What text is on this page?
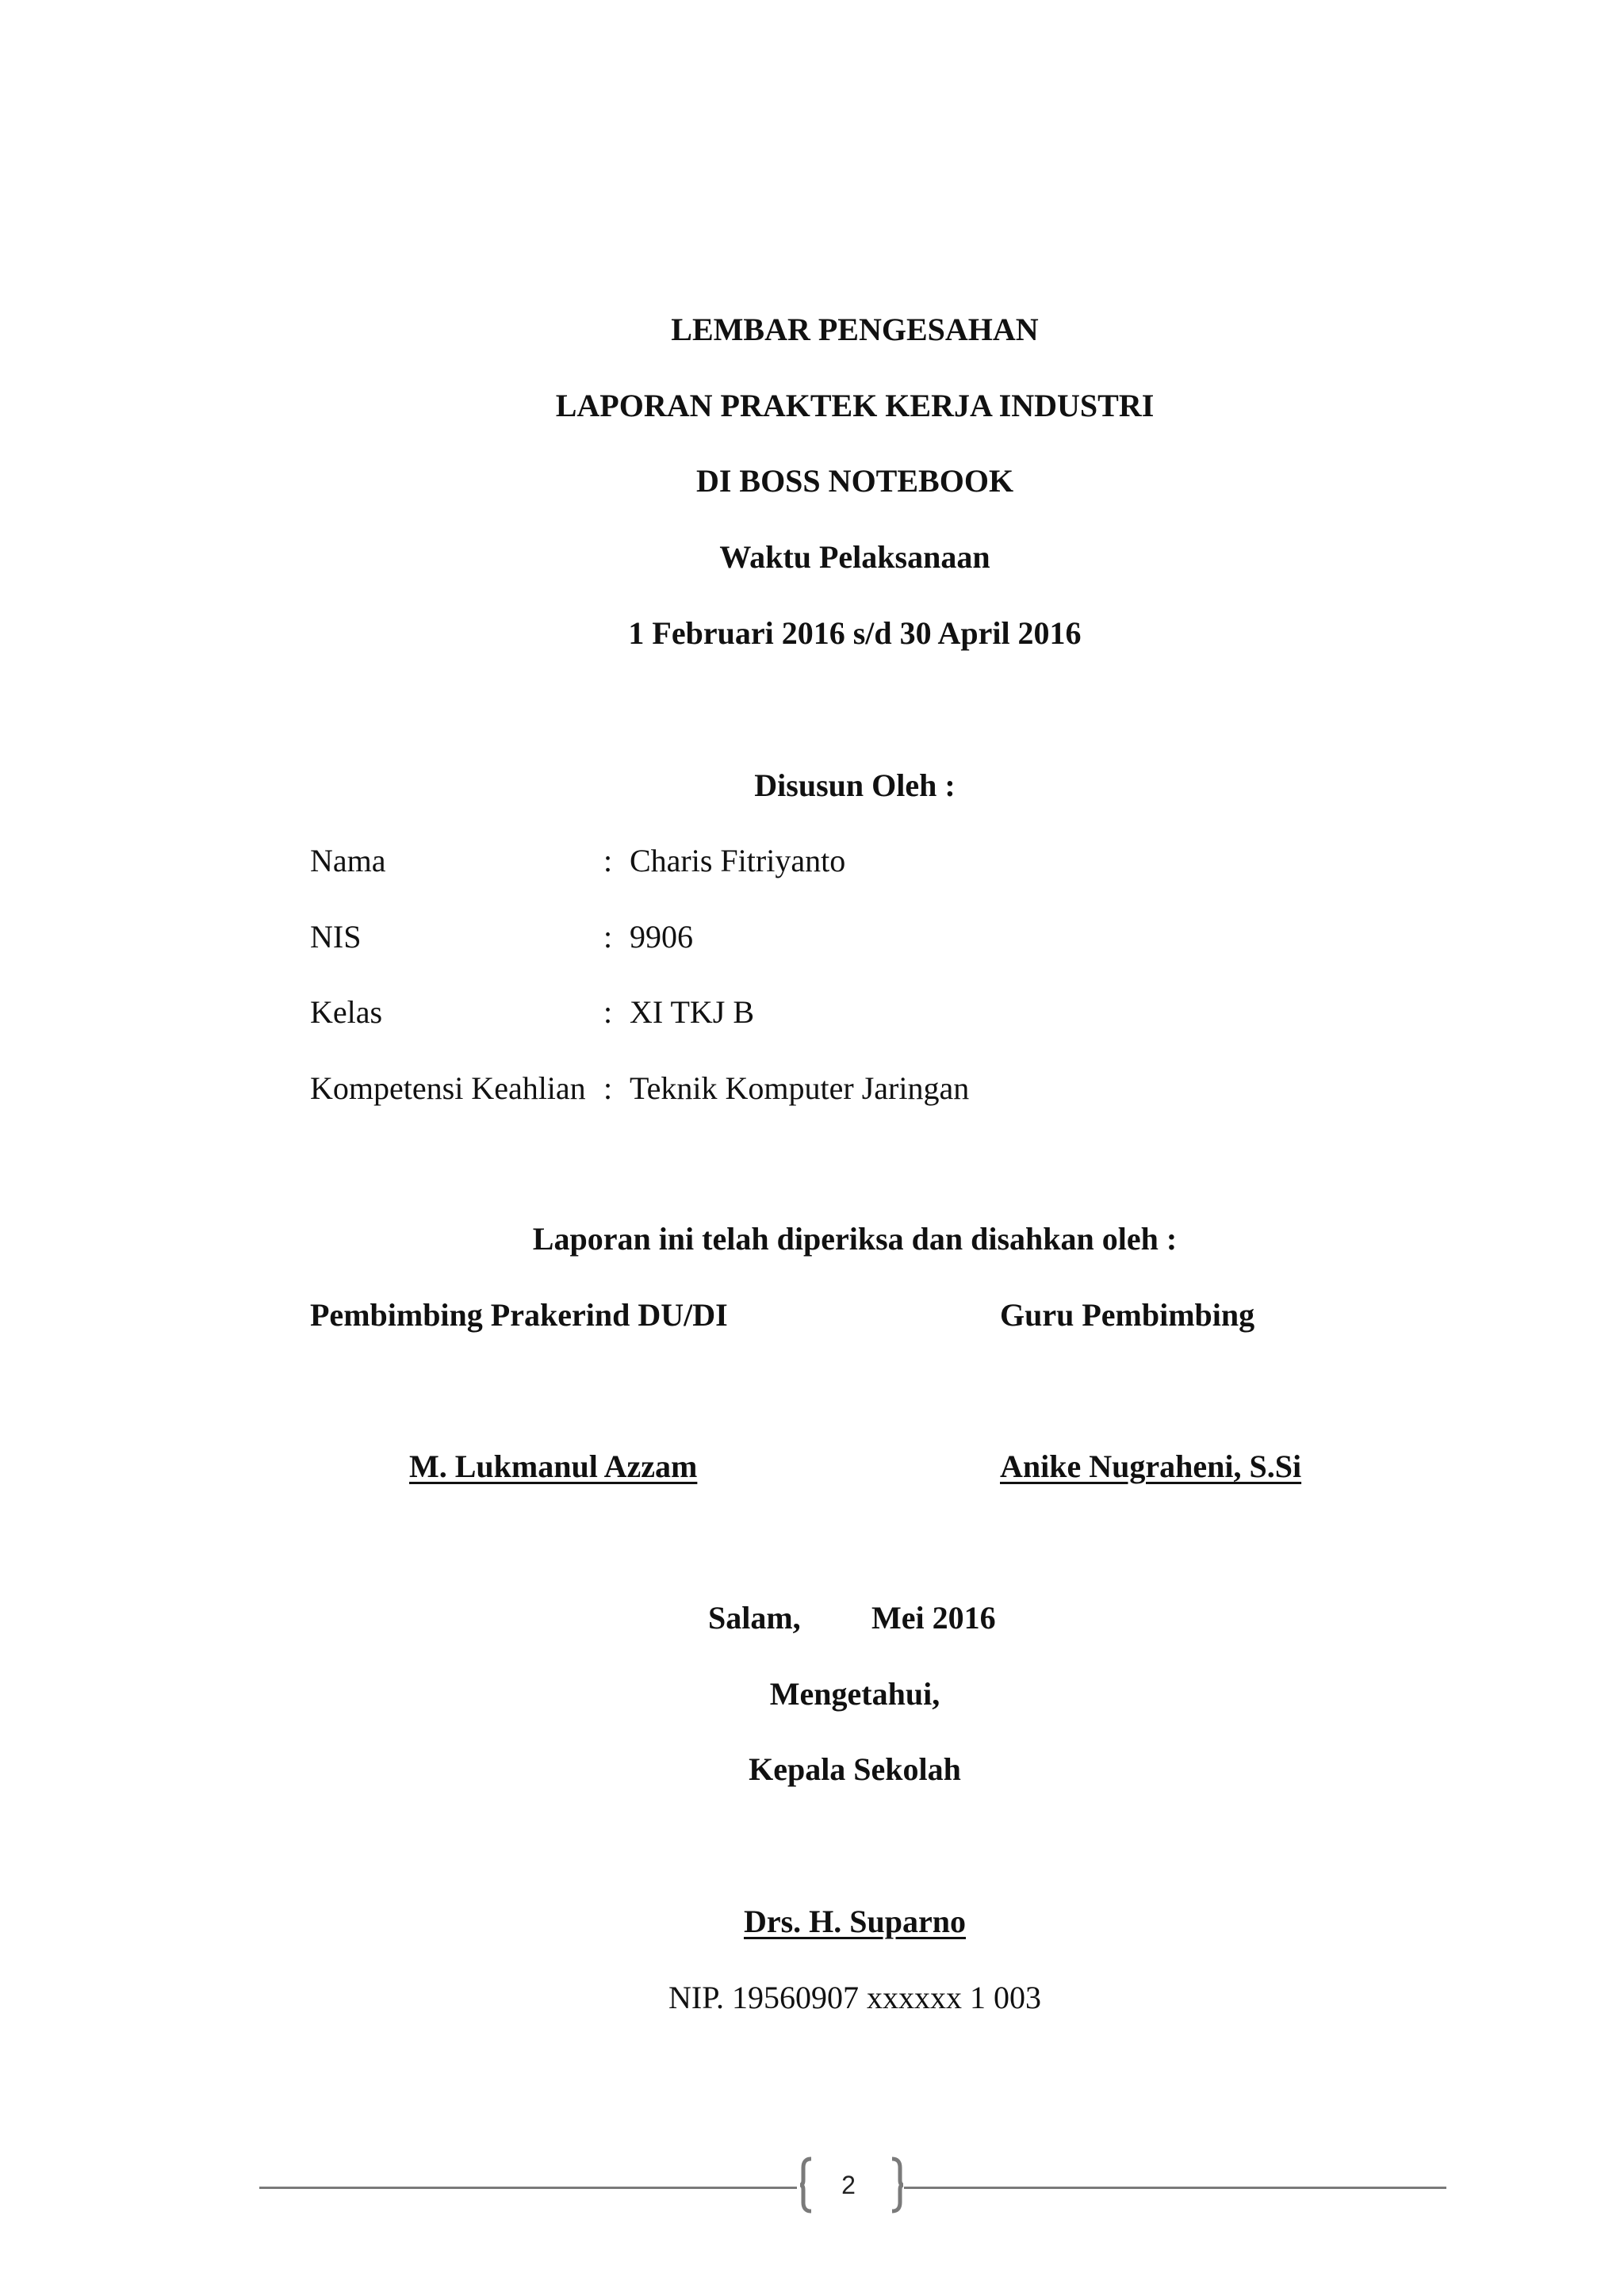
LEMBAR PENGESAHAN
LAPORAN PRAKTEK KERJA INDUSTRI
DI BOSS NOTEBOOK
Waktu Pelaksanaan
1 Februari 2016 s/d 30 April 2016
Disusun Oleh :
Nama	: Charis Fitriyanto
NIS	: 9906
Kelas	: XI TKJ B
Kompetensi Keahlian : Teknik Komputer Jaringan
Laporan ini telah diperiksa dan disahkan oleh :
Pembimbing Prakerind DU/DI	Guru Pembimbing
M. Lukmanul Azzam	Anike Nugraheni, S.Si
Salam, Mei 2016
Mengetahui,
Kepala Sekolah
Drs. H. Suparno
NIP. 19560907 xxxxxx 1 003
2
